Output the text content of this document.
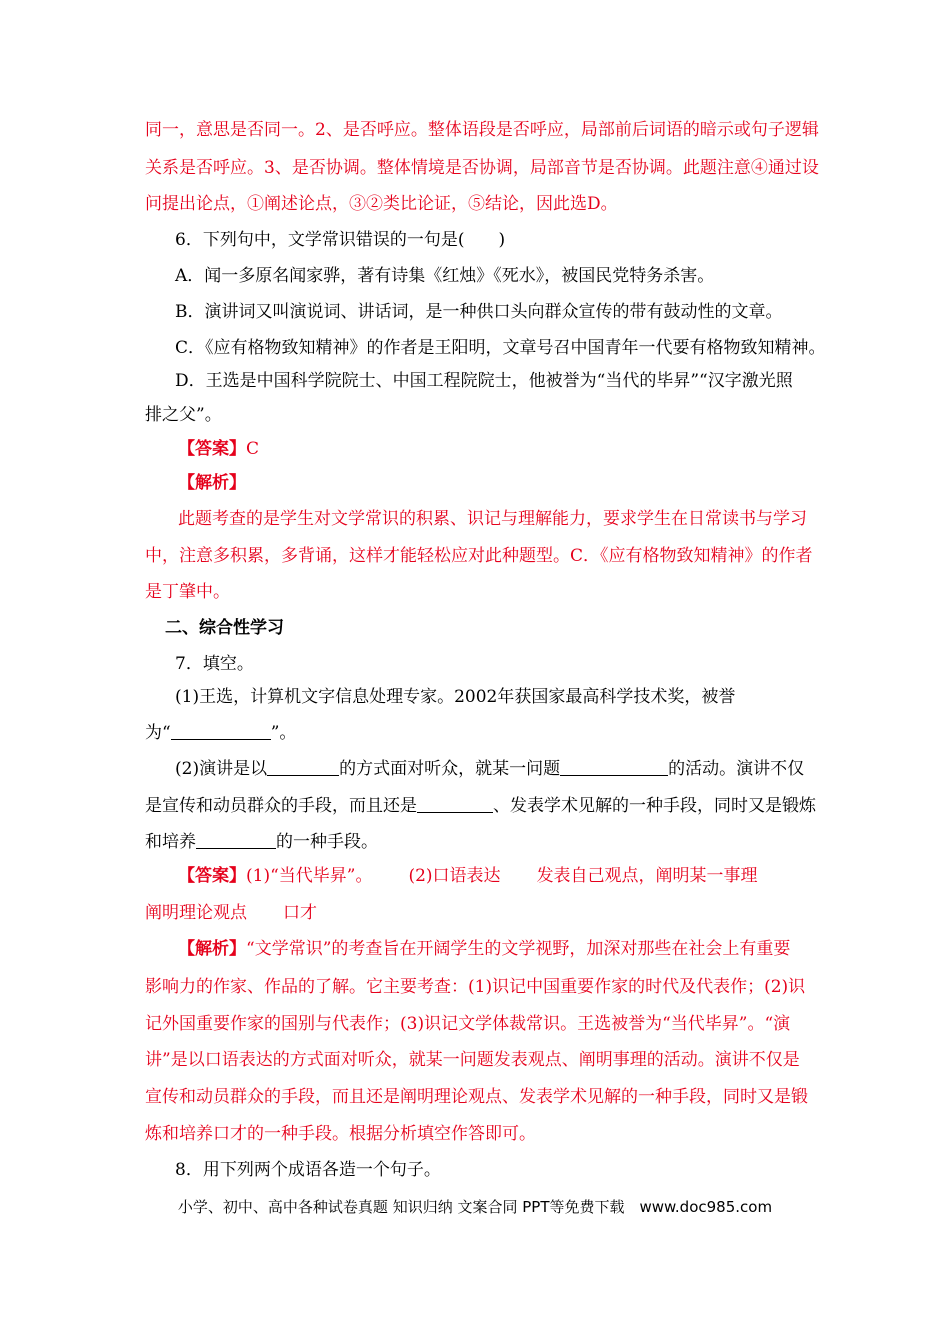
同一，意思是否同一。2、是否呼应。整体语段是否呼应，局部前后词语的暗示或句子逻辑
关系是否呼应。3、是否协调。整体情境是否协调，局部音节是否协调。此题注意④通过设
问提出论点，①阐述论点，③②类比论证，⑤结论，因此选D。
6．下列句中，文学常识错误的一句是(　　)
A．闻一多原名闻家骅，著有诗集《红烛》《死水》，被国民党特务杀害。
B．演讲词又叫演说词、讲话词，是一种供口头向群众宣传的带有鼓动性的文章。
C．《应有格物致知精神》的作者是王阳明，文章号召中国青年一代要有格物致知精神。
D．王选是中国科学院院士、中国工程院院士，他被誉为“当代的毕昇”“汉字激光照
排之父”。
【答案】C
【解析】
此题考查的是学生对文学常识的积累、识记与理解能力，要求学生在日常读书与学习
中，注意多积累，多背诵，这样才能轻松应对此种题型。C．《应有格物致知精神》的作者
是丁肇中。
二、综合性学习
7．填空。
(1)王选，计算机文字信息处理专家。2002年获国家最高科学技术奖，被誉
为“	”。
(2)演讲是以	的方式面对听众，就某一问题	的活动。演讲不仅
是宣传和动员群众的手段，而且还是	、发表学术见解的一种手段，同时又是锻炼
和培养	的一种手段。
【答案】(1)“当代毕昇”。 (2)口语表达 发表自己观点，阐明某一事理
阐明理论观点 口才
【解析】“文学常识”的考查旨在开阔学生的文学视野，加深对那些在社会上有重要
影响力的作家、作品的了解。它主要考查：(1)识记中国重要作家的时代及代表作；(2)识
记外国重要作家的国别与代表作；(3)识记文学体裁常识。王选被誉为“当代毕昇”。“演
讲”是以口语表达的方式面对听众，就某一问题发表观点、阐明事理的活动。演讲不仅是
宣传和动员群众的手段，而且还是阐明理论观点、发表学术见解的一种手段，同时又是锻
炼和培养口才的一种手段。根据分析填空作答即可。
8．用下列两个成语各造一个句子。
小学、初中、高中各种试卷真题 知识归纳 文案合同 PPT等免费下载　www.doc985.com
